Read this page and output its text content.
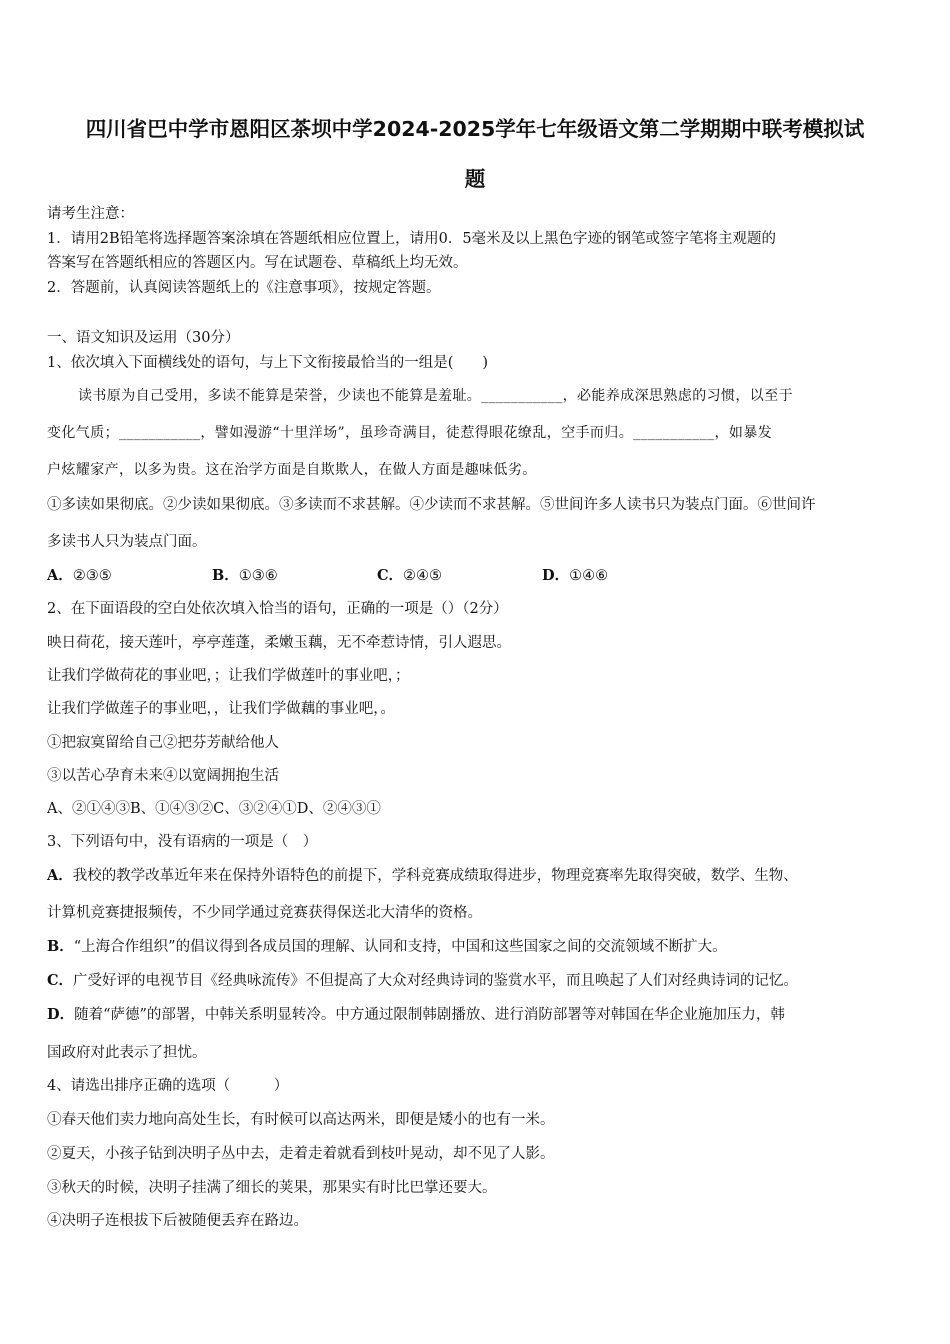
四川省巴中学市恩阳区茶坝中学2024-2025学年七年级语文第二学期期中联考模拟试
题
请考生注意：
1．请用2B铅笔将选择题答案涂填在答题纸相应位置上，请用0．5毫米及以上黑色字迹的钢笔或签字笔将主观题的
答案写在答题纸相应的答题区内。写在试题卷、草稿纸上均无效。
2．答题前，认真阅读答题纸上的《注意事项》，按规定答题。
一、语文知识及运用（30分）
1、依次填入下面横线处的语句，与上下文衔接最恰当的一组是(　　)
读书原为自己受用，多读不能算是荣誉，少读也不能算是羞耻。___________，必能养成深思熟虑的习惯，以至于
变化气质；___________，譬如漫游“十里洋场”，虽珍奇满目，徒惹得眼花缭乱，空手而归。___________，如暴发
户炫耀家产，以多为贵。这在治学方面是自欺欺人，在做人方面是趣味低劣。
①多读如果彻底。②少读如果彻底。③多读而不求甚解。④少读而不求甚解。⑤世间许多人读书只为装点门面。⑥世间许
多读书人只为装点门面。
A．②③⑤	B．①③⑥	C．②④⑤	D．①④⑥
2、在下面语段的空白处依次填入恰当的语句，正确的一项是（）（2分）
映日荷花，接天莲叶，亭亭莲蓬，柔嫩玉藕，无不牵惹诗情，引人遐思。
让我们学做荷花的事业吧，；让我们学做莲叶的事业吧，；
让我们学做莲子的事业吧，，让我们学做藕的事业吧，。
①把寂寞留给自己②把芬芳献给他人
③以苦心孕育未来④以宽阔拥抱生活
A、②①④③B、①④③②C、③②④①D、②④③①
3、下列语句中，没有语病的一项是（　）
A．我校的教学改革近年来在保持外语特色的前提下，学科竞赛成绩取得进步，物理竞赛率先取得突破，数学、生物、
计算机竞赛捷报频传，不少同学通过竞赛获得保送北大清华的资格。
B．“上海合作组织”的倡议得到各成员国的理解、认同和支持，中国和这些国家之间的交流领域不断扩大。
C．广受好评的电视节目《经典咏流传》不但提高了大众对经典诗词的鉴赏水平，而且唤起了人们对经典诗词的记忆。
D．随着“萨德”的部署，中韩关系明显转冷。中方通过限制韩剧播放、进行消防部署等对韩国在华企业施加压力，韩
国政府对此表示了担忧。
4、请选出排序正确的选项（　　　）
①春天他们卖力地向高处生长，有时候可以高达两米，即便是矮小的也有一米。
②夏天，小孩子钻到决明子丛中去，走着走着就看到枝叶晃动，却不见了人影。
③秋天的时候，决明子挂满了细长的荚果，那果实有时比巴掌还要大。
④决明子连根拔下后被随便丢弃在路边。
